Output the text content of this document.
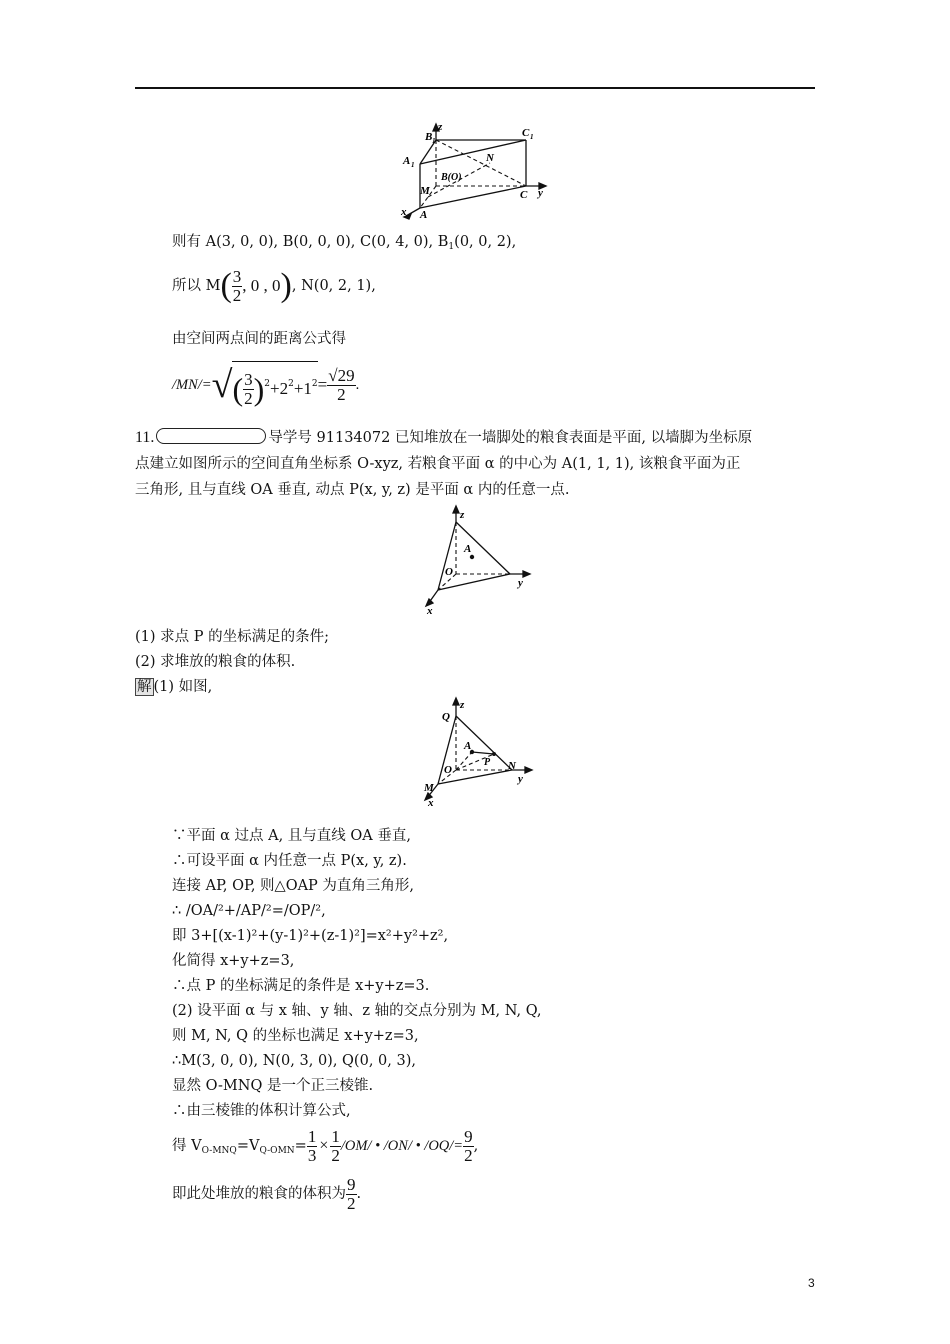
z
B 1
C 1
A 1
N
B(O)
M	C y
x A
则有 A(3, 0, 0), B(0, 0, 0), C(0, 4, 0), $B_1(0$, 0, 2),
所以 $M( \frac{3}{2}$ , 0 , 0), N(0, 2, 1),
由空间两点间的距离公式得
$/MN/=√( \frac{3}{2} )^2+2^2+1^2= \frac{√29}{2}$ .
11.	导学号 91134072 已知堆放在一墙脚处的粮食表面是平面, 以墙脚为坐标原
点建立如图所示的空间直角坐标系 O-xyz, 若粮食平面 α 的中心为 A(1, 1, 1), 该粮食平面为正
三角形, 且与直线 OA 垂直, 动点 P(x, y, z) 是平面 α 内的任意一点.
z
A
O
y
x
(1) 求点 P 的坐标满足的条件;
(2) 求堆放的粮食的体积.
解 (1) 如图,
z
Q
A
P
O	N
y
M
x
∵平面 α 过点 A, 且与直线 OA 垂直,
∴可设平面 α 内任意一点 P(x, y, z).
连接 AP, OP, 则△OAP 为直角三角形,
∴ /OA/²+/AP/²=/OP/²,
即 3+[(x-1)²+(y-1)²+(z-1)²]=x²+y²+z²,
化简得 x+y+z=3,
∴点 P 的坐标满足的条件是 x+y+z=3.
(2) 设平面 α 与 x 轴、y 轴、z 轴的交点分别为 M, N, Q,
则 M, N, Q 的坐标也满足 x+y+z=3,
∴M(3, 0, 0), N(0, 3, 0), Q(0, 0, 3),
显然 O-MNQ 是一个正三棱锥.
∴由三棱锥的体积计算公式,
得 $V_{O-MNQ}=V_{Q-OMN}= \frac{1}{3} \times \frac{1}{2} /OM/$ • /ON/ • $/OQ/= \frac{9}{2}$ ,
即此处堆放的粮食的体积为 $\frac{9}{2}$ .
3
